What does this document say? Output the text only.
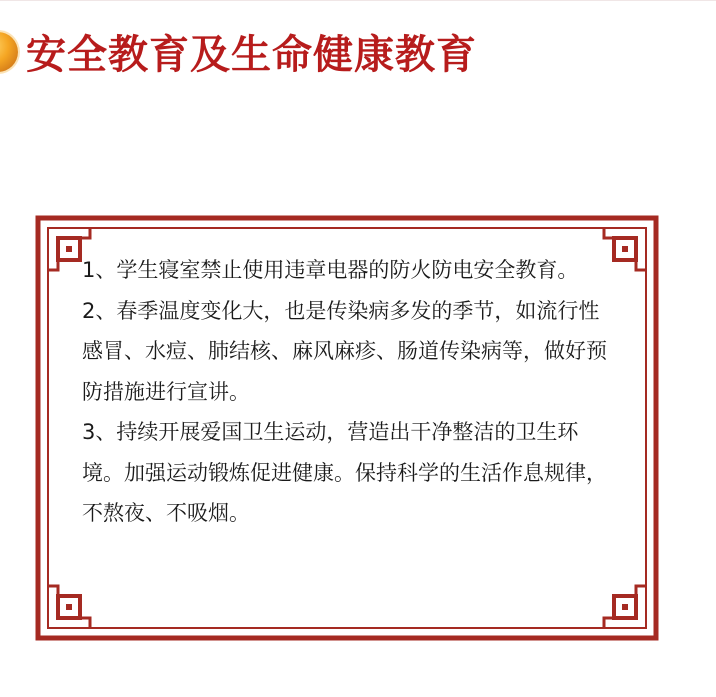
安全教育及生命健康教育

1、学生寝室禁止使用违章电器的防火防电安全教育。

2、春季温度变化大，也是传染病多发的季节，如流行性感冒、水痘、肺结核、麻风麻疹、肠道传染病等，做好预防措施进行宣讲。

3、持续开展爱国卫生运动，营造出干净整洁的卫生环境。加强运动锻炼促进健康。保持科学的生活作息规律，不熬夜、不吸烟。
